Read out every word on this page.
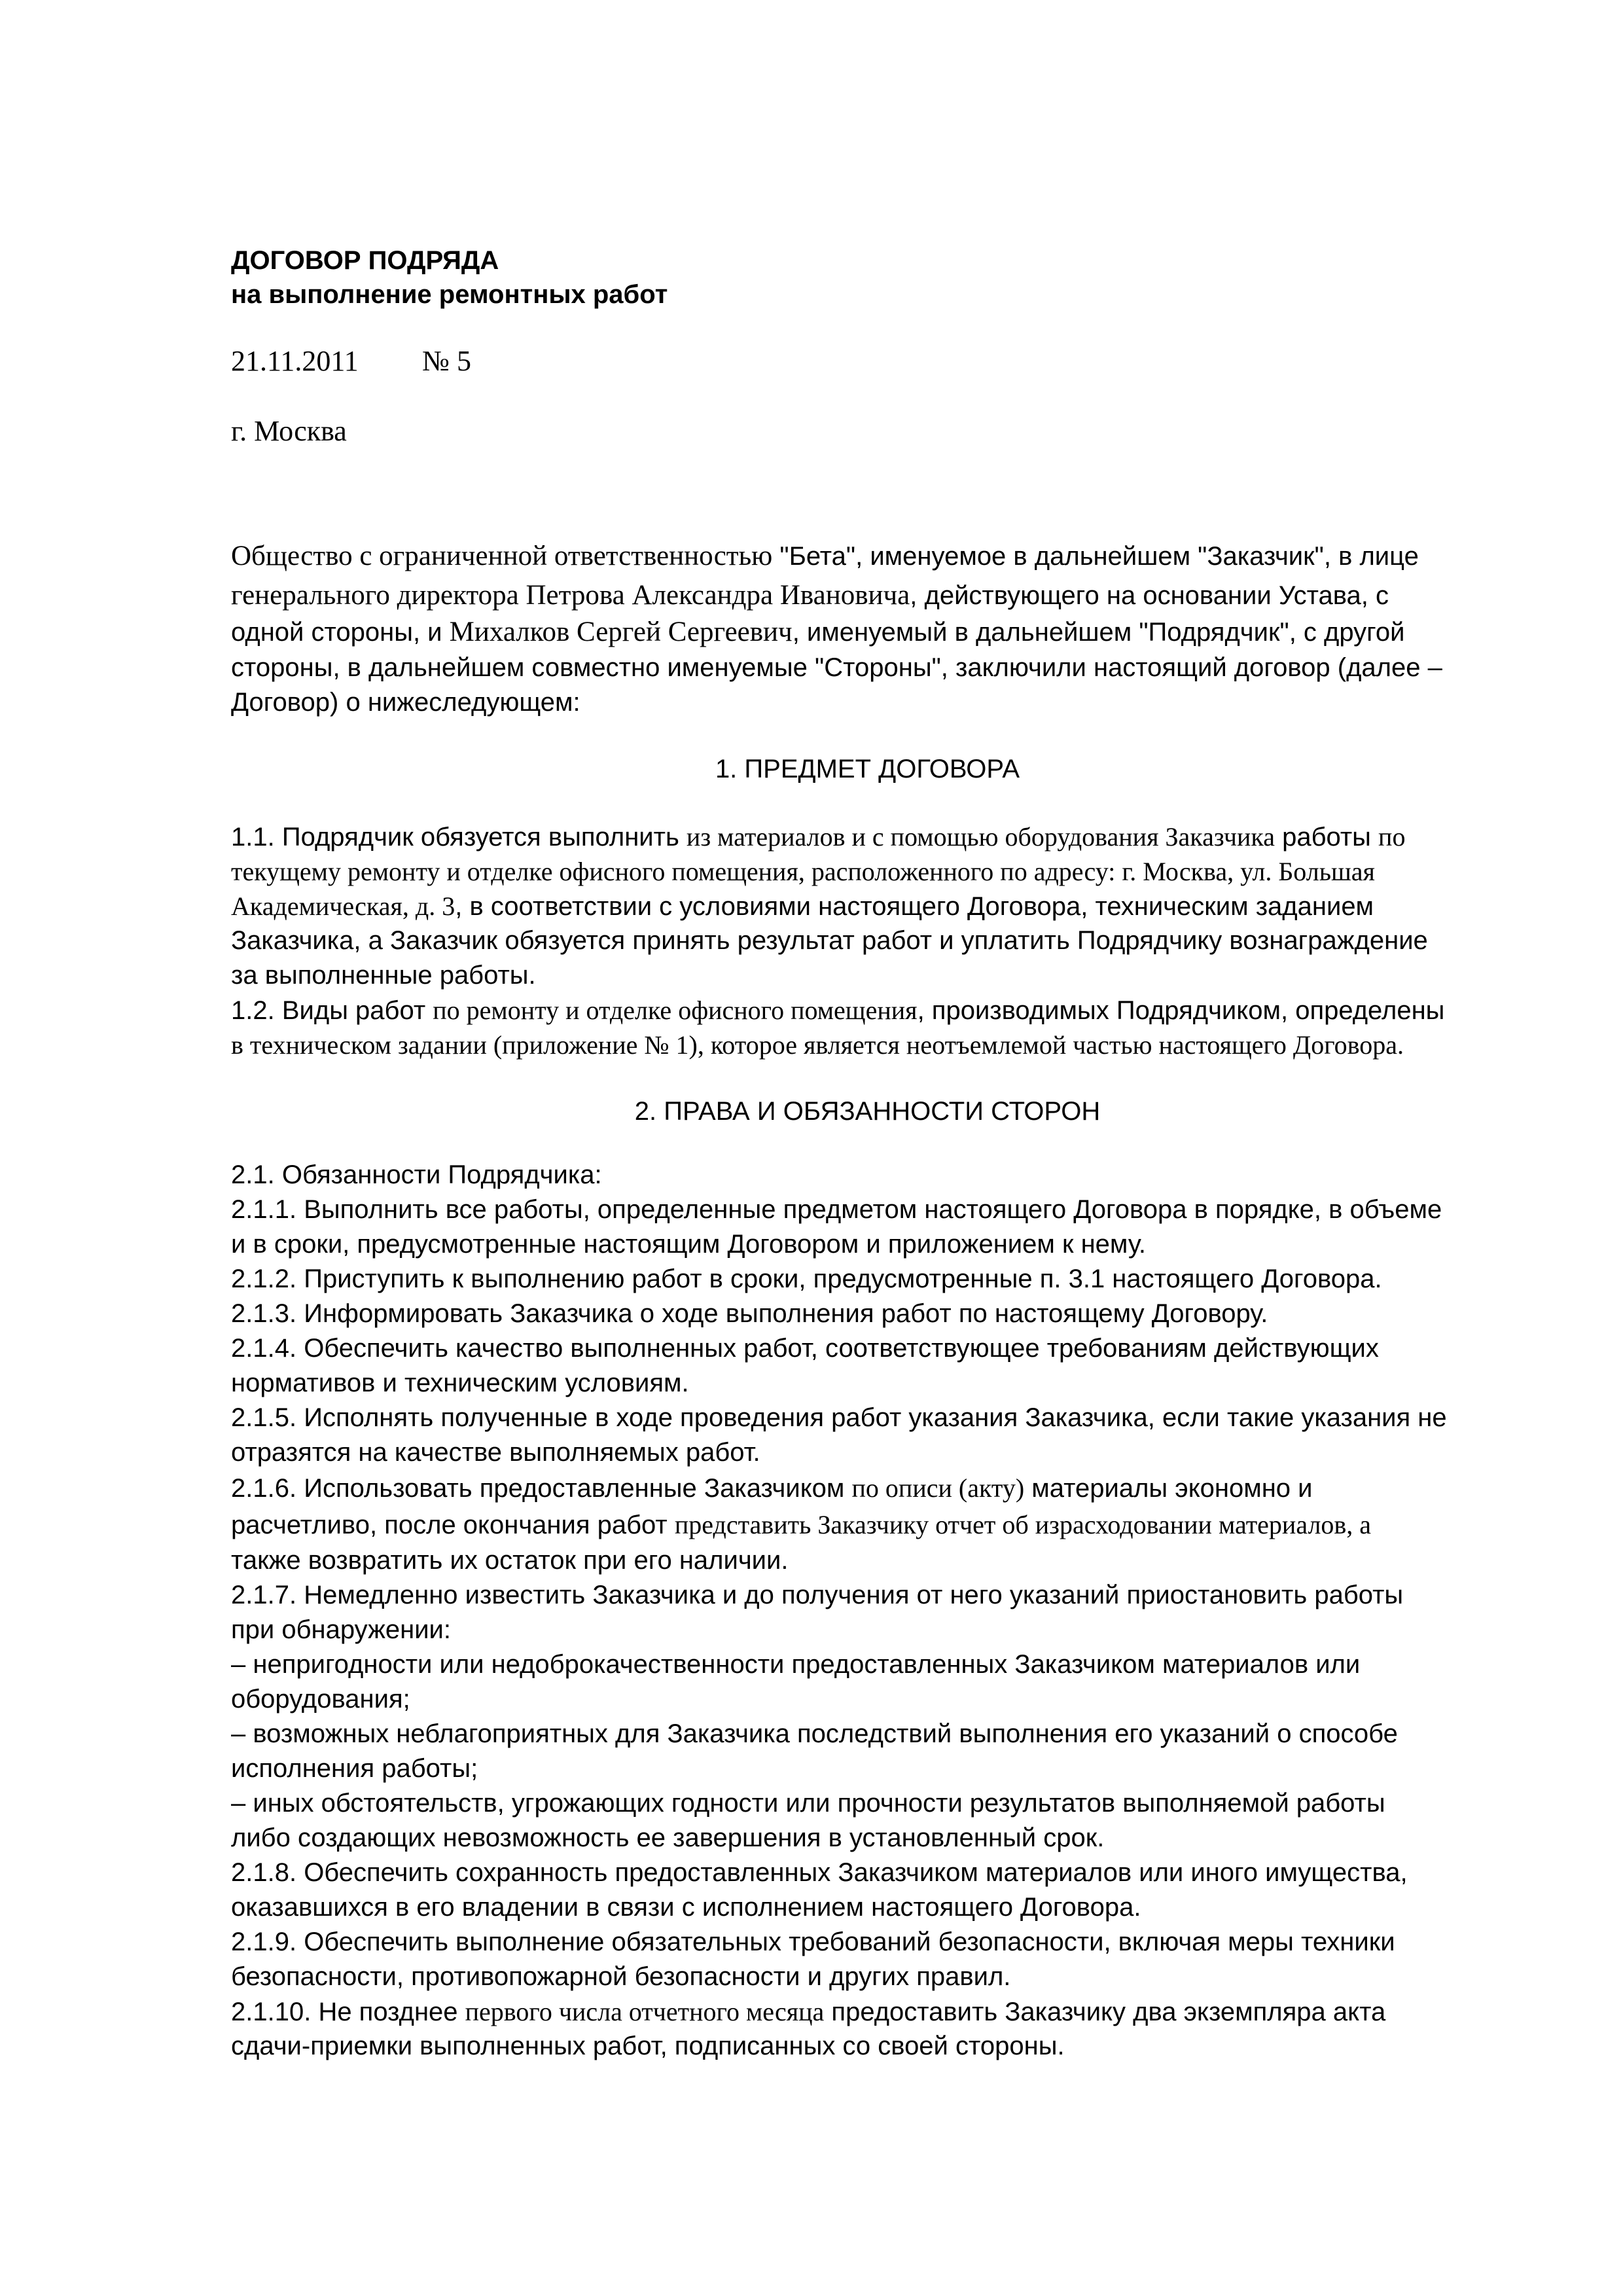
ДОГОВОР ПОДРЯДА
на выполнение ремонтных работ
21.11.2011 № 5
г. Москва
Общество с ограниченной ответственностью "Бета", именуемое в дальнейшем "Заказчик", в лице
генерального директора Петрова Александра Ивановича, действующего на основании Устава, с
одной стороны, и Михалков Сергей Сергеевич, именуемый в дальнейшем "Подрядчик", с другой
стороны, в дальнейшем совместно именуемые "Стороны", заключили настоящий договор (далее –
Договор) о нижеследующем:
1. ПРЕДМЕТ ДОГОВОРА
1.1. Подрядчик обязуется выполнить из материалов и с помощью оборудования Заказчика работы по
текущему ремонту и отделке офисного помещения, расположенного по адресу: г. Москва, ул. Большая
Академическая, д. 3, в соответствии с условиями настоящего Договора, техническим заданием
Заказчика, а Заказчик обязуется принять результат работ и уплатить Подрядчику вознаграждение
за выполненные работы.
1.2. Виды работ по ремонту и отделке офисного помещения, производимых Подрядчиком, определены
в техническом задании (приложение № 1), которое является неотъемлемой частью настоящего Договора.
2. ПРАВА И ОБЯЗАННОСТИ СТОРОН
2.1. Обязанности Подрядчика:
2.1.1. Выполнить все работы, определенные предметом настоящего Договора в порядке, в объеме
и в сроки, предусмотренные настоящим Договором и приложением к нему.
2.1.2. Приступить к выполнению работ в сроки, предусмотренные п. 3.1 настоящего Договора.
2.1.3. Информировать Заказчика о ходе выполнения работ по настоящему Договору.
2.1.4. Обеспечить качество выполненных работ, соответствующее требованиям действующих
нормативов и техническим условиям.
2.1.5. Исполнять полученные в ходе проведения работ указания Заказчика, если такие указания не
отразятся на качестве выполняемых работ.
2.1.6. Использовать предоставленные Заказчиком по описи (акту) материалы экономно и
расчетливо, после окончания работ представить Заказчику отчет об израсходовании материалов, а
также возвратить их остаток при его наличии.
2.1.7. Немедленно известить Заказчика и до получения от него указаний приостановить работы
при обнаружении:
– непригодности или недоброкачественности предоставленных Заказчиком материалов или
оборудования;
– возможных неблагоприятных для Заказчика последствий выполнения его указаний о способе
исполнения работы;
– иных обстоятельств, угрожающих годности или прочности результатов выполняемой работы
либо создающих невозможность ее завершения в установленный срок.
2.1.8. Обеспечить сохранность предоставленных Заказчиком материалов или иного имущества,
оказавшихся в его владении в связи с исполнением настоящего Договора.
2.1.9. Обеспечить выполнение обязательных требований безопасности, включая меры техники
безопасности, противопожарной безопасности и других правил.
2.1.10. Не позднее первого числа отчетного месяца предоставить Заказчику два экземпляра акта
сдачи-приемки выполненных работ, подписанных со своей стороны.
